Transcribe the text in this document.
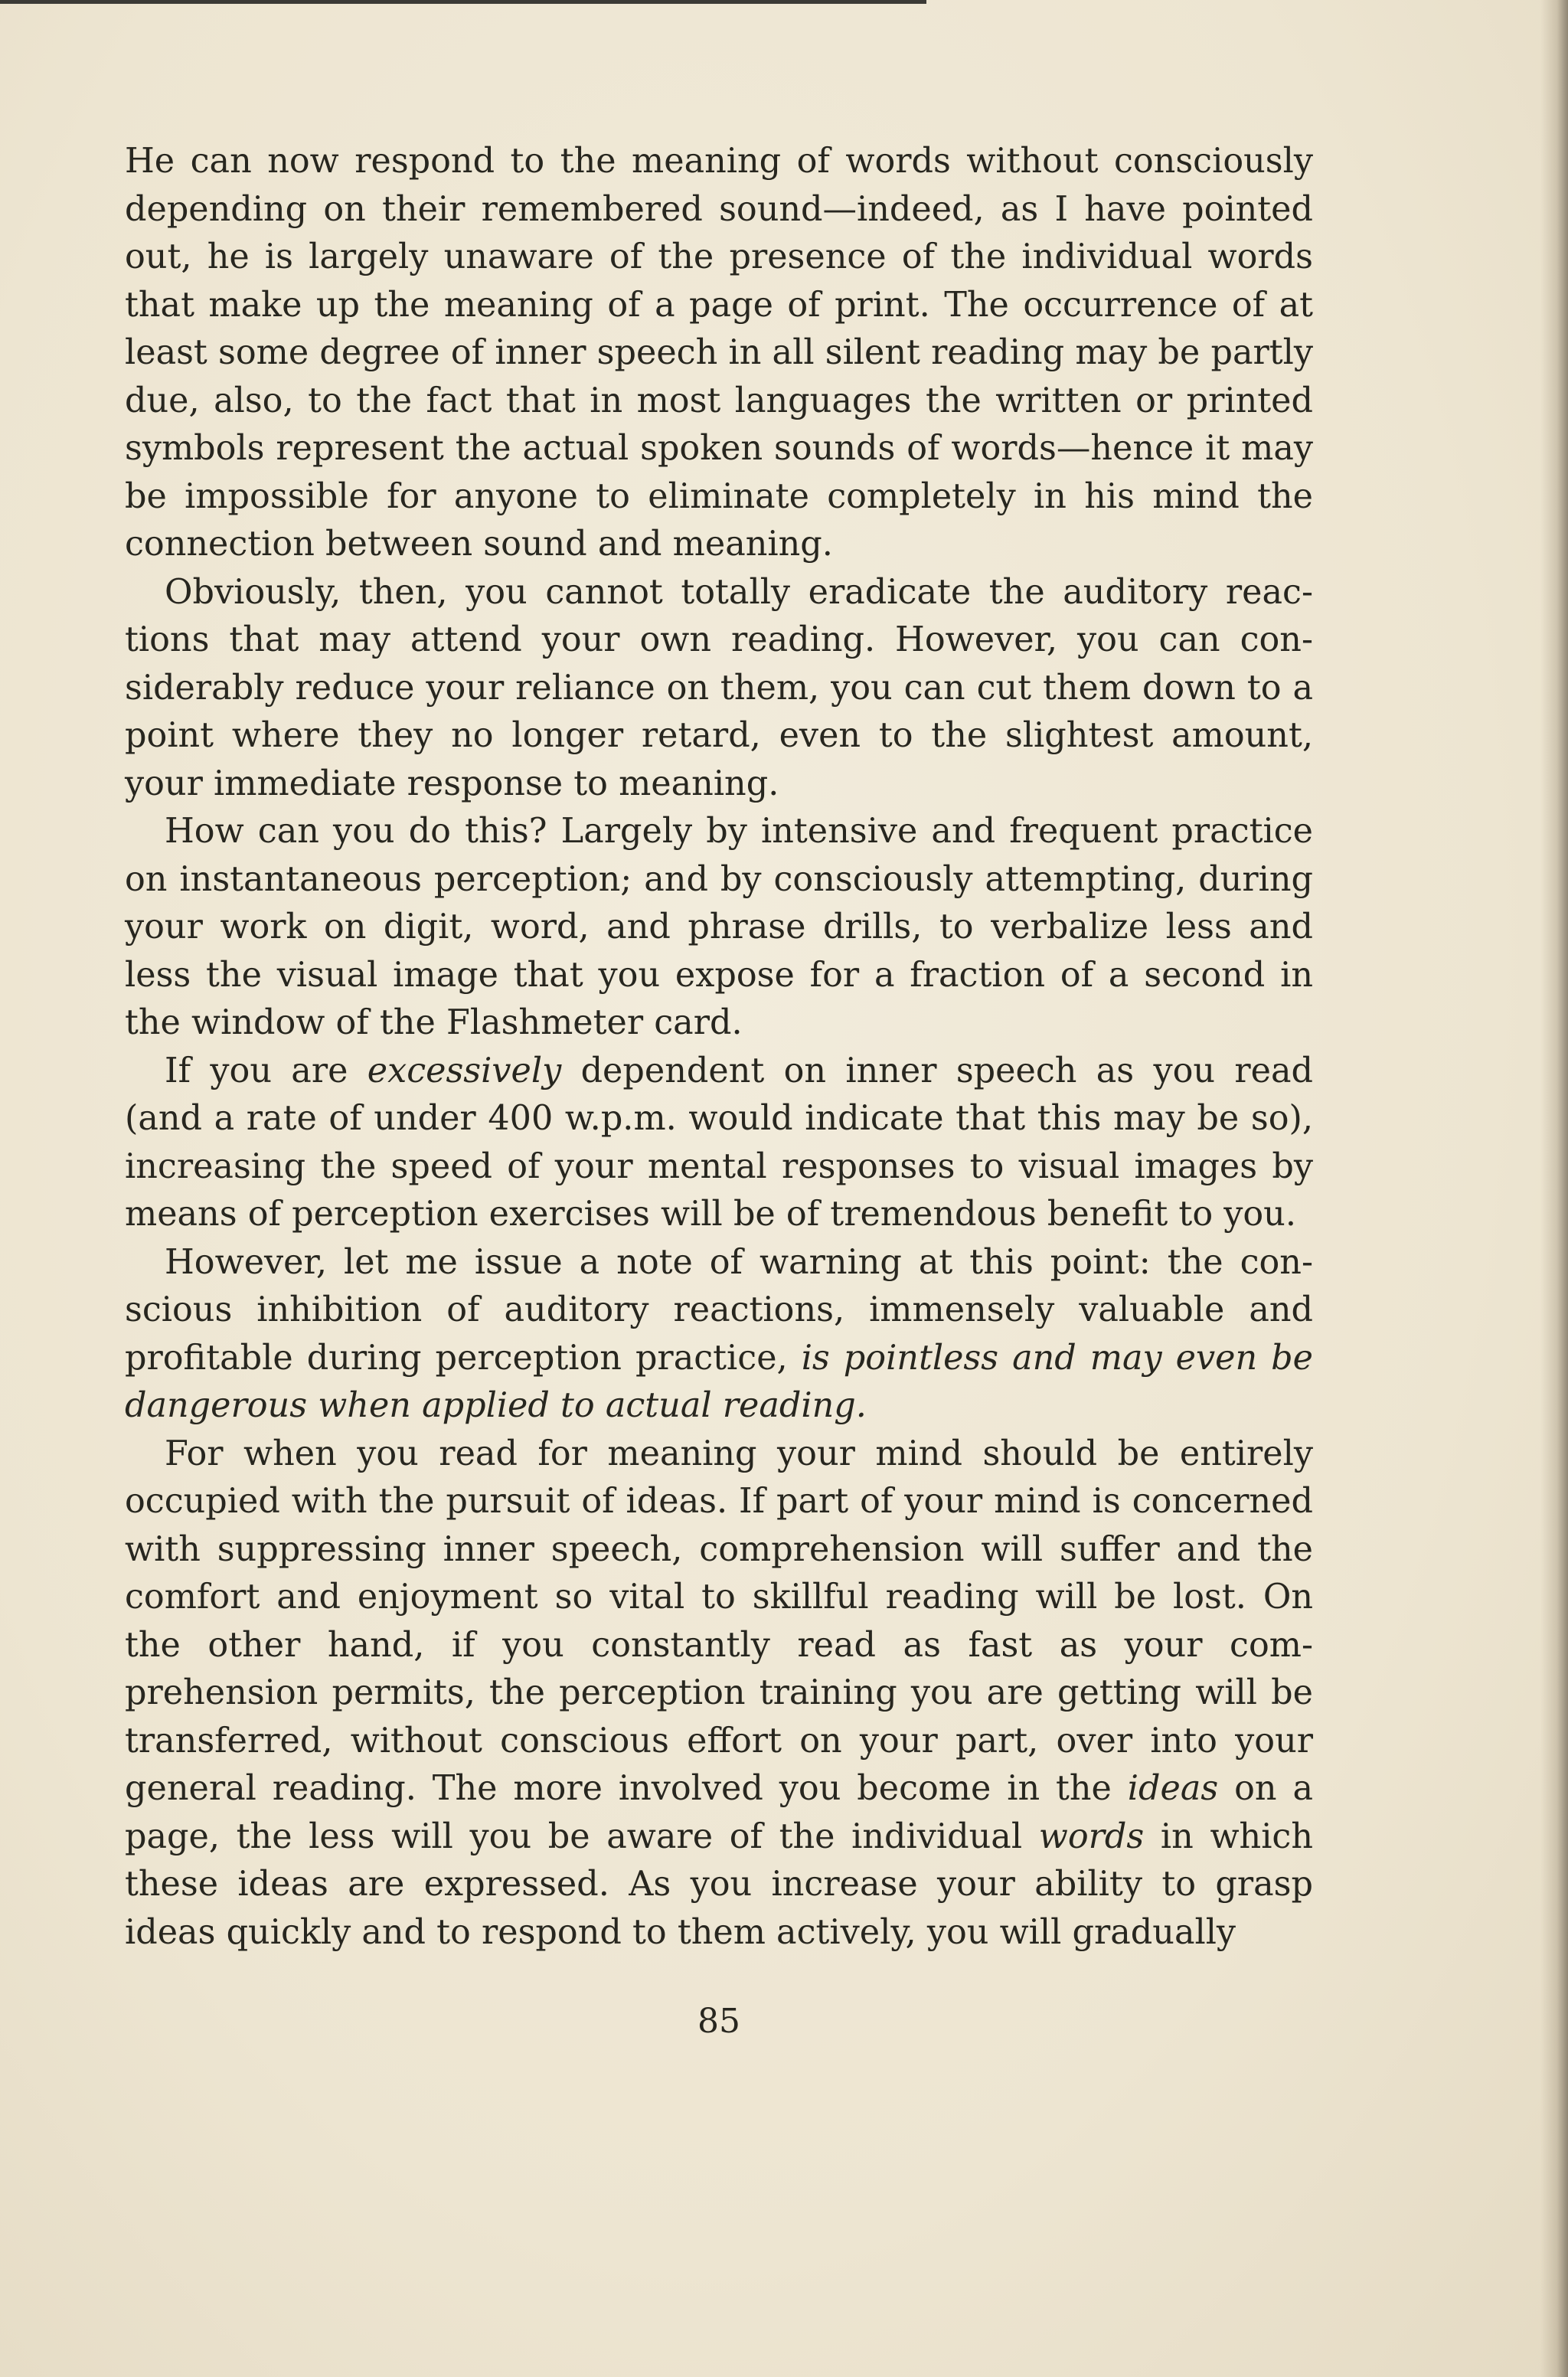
He can now respond to the meaning of words without consciously depending on their remembered sound—indeed, as I have pointed out, he is largely unaware of the presence of the individual words that make up the meaning of a page of print. The occurrence of at least some degree of inner speech in all silent reading may be partly due, also, to the fact that in most languages the written or printed symbols represent the actual spoken sounds of words—hence it may be impossible for anyone to eliminate completely in his mind the connection between sound and meaning.

Obviously, then, you cannot totally eradicate the auditory reactions that may attend your own reading. However, you can considerably reduce your reliance on them, you can cut them down to a point where they no longer retard, even to the slightest amount, your immediate response to meaning.

How can you do this? Largely by intensive and frequent practice on instantaneous perception; and by consciously attempting, during your work on digit, word, and phrase drills, to verbalize less and less the visual image that you expose for a fraction of a second in the window of the Flashmeter card.

If you are excessively dependent on inner speech as you read (and a rate of under 400 w.p.m. would indicate that this may be so), increasing the speed of your mental responses to visual images by means of perception exercises will be of tremendous benefit to you.

However, let me issue a note of warning at this point: the conscious inhibition of auditory reactions, immensely valuable and profitable during perception practice, is pointless and may even be dangerous when applied to actual reading.

For when you read for meaning your mind should be entirely occupied with the pursuit of ideas. If part of your mind is concerned with suppressing inner speech, comprehension will suffer and the comfort and enjoyment so vital to skillful reading will be lost. On the other hand, if you constantly read as fast as your comprehension permits, the perception training you are getting will be transferred, without conscious effort on your part, over into your general reading. The more involved you become in the ideas on a page, the less will you be aware of the individual words in which these ideas are expressed. As you increase your ability to grasp ideas quickly and to respond to them actively, you will gradually

85
